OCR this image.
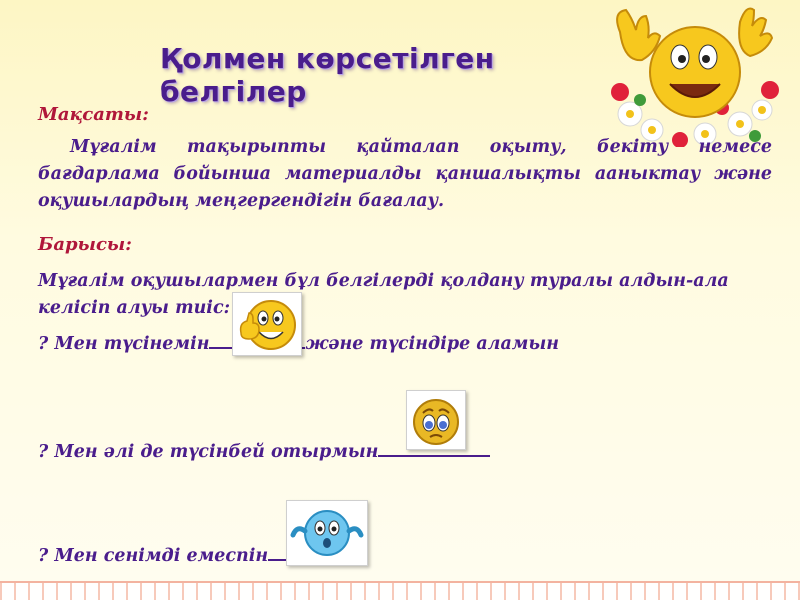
Қолмен көрсетілген белгілер
Мақсаты:
Мұғалім тақырыпты қайталап оқыту, бекіту немесе бағдарлама бойынша материалды қаншалықты ааныктау және оқушылардың меңгергендігін бағалау.
Барысы:
Мұғалім оқушылармен бұл белгілерді қолдану туралы алдын-ала келісіп алуы тиіс:
? Мен түсінемін	және түсіндіре аламын
? Мен әлі де түсінбей отырмын
? Мен сенімді емеспін
